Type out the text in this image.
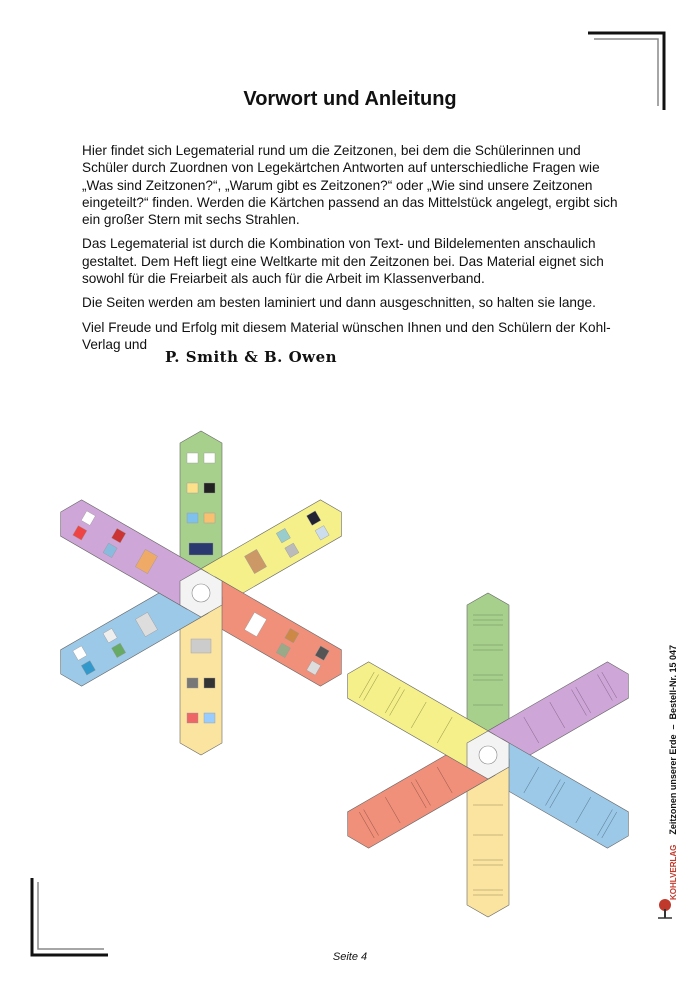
Vorwort und Anleitung

Hier findet sich Legematerial rund um die Zeitzonen, bei dem die Schülerinnen und Schüler durch Zuordnen von Legekärtchen Antworten auf unterschiedliche Fragen wie „Was sind Zeitzonen?“, „Warum gibt es Zeitzonen?“ oder „Wie sind unsere Zeitzonen eingeteilt?“ finden. Werden die Kärtchen passend an das Mittelstück angelegt, ergibt sich ein großer Stern mit sechs Strahlen.

Das Legematerial ist durch die Kombination von Text- und Bildelementen anschaulich gestaltet. Dem Heft liegt eine Weltkarte mit den Zeitzonen bei. Das Material eignet sich sowohl für die Freiarbeit als auch für die Arbeit im Klassenverband.

Die Seiten werden am besten laminiert und dann ausgeschnitten, so halten sie lange.

Viel Freude und Erfolg mit diesem Material wünschen Ihnen und den Schülern der Kohl-Verlag und

P. Smith & B. Owen
KOHLVERLAG    Zeitzonen unserer Erde  –  Bestell-Nr. 15 047
Seite 4
